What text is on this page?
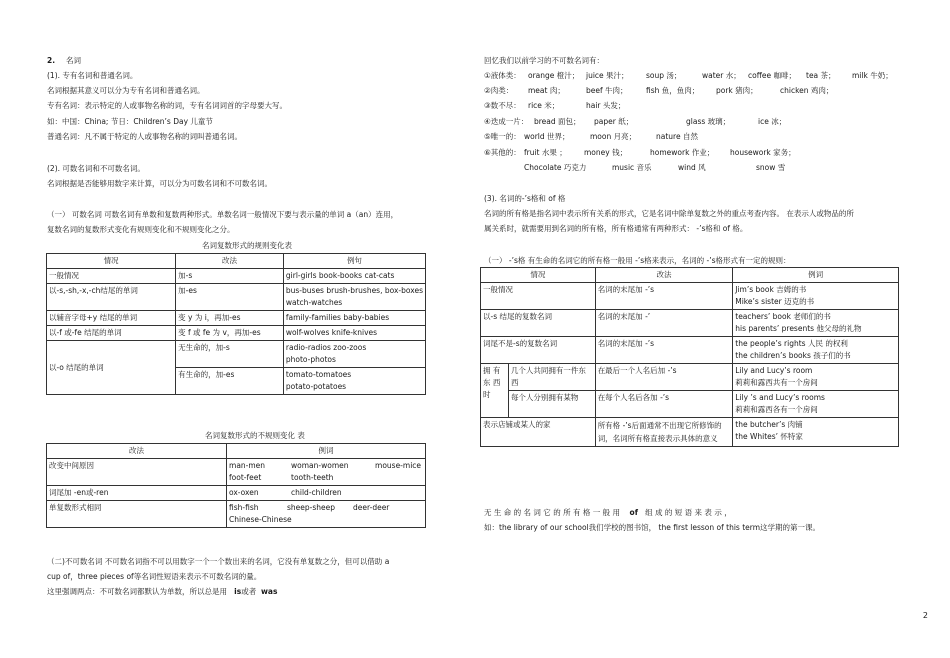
2. 名词
(1). 专有名词和普通名词。
名词根据其意义可以分为专有名词和普通名词。
专有名词：表示特定的人或事物名称的词，专有名词词首的字母要大写。
如：中国：China; 节日：Children’s Day 儿童节
普通名词：凡不属于特定的人或事物名称的词叫普通名词。
(2). 可数名词和不可数名词。
名词根据是否能够用数字来计算，可以分为可数名词和不可数名词。
（一） 可数名词 可数名词有单数和复数两种形式。单数名词一般情况下要与表示量的单词 a（an）连用，
复数名词的复数形式变化有规则变化和不规则变化之分。
名词复数形式的规则变化表
情况	改法	例句
一般情况	加-s	girl-girls book-books cat-cats
以-s,-sh,-x,-ch结尾的单词	加-es	bus-buses brush-brushes, box-boxes
watch-watches

以辅音字母+y 结尾的单词	变 y 为 i，再加-es	family-families baby-babies
以-f 或-fe 结尾的单词	变 f 或 fe 为 v，再加-es	wolf-wolves knife-knives
以-o 结尾的单词	无生命的，加-s	radio-radios zoo-zoos
photo-photos

	有生命的，加-es	tomato-tomatoes
potato-potatoes
名词复数形式的不规则变化 表
改法	例词
改变中间原因	man-men woman-women mouse-mice
foot-feet tooth-teeth

词尾加 -en或-ren	ox-oxen child-children
单复数形式相同	fish-fish sheep-sheep deer-deer
Chinese-Chinese
（二)不可数名词 不可数名词指不可以用数字一个一个数出来的名词，它没有单复数之分，但可以借助 a
cup of，three pieces of等名词性短语来表示不可数名词的量。
这里强调两点：不可数名词都默认为单数，所以总是用 is或者 was
回忆我们以前学习的不可数名词有：
①液体类： orange 橙汁； juice 果汁； soup 汤；	water 水； coffee 咖啡； tea 茶； milk 牛奶；
②肉类： meat 肉；	beef 牛肉； fish 鱼，鱼肉； pork 猪肉；	chicken 鸡肉；
③数不尽： rice 米；	hair 头发；
④迭成一片： bread 面包； paper 纸；	glass 玻璃；	ice 冰；
⑤唯一的： world 世界；	moon 月亮；	nature 自然
⑥其他的： fruit 水果 ； money 钱；	homework 作业； housework 家务；
Chocolate 巧克力	music 音乐	wind 风	snow 雪
(3). 名词的-’s格和 of 格
名词的所有格是指名词中表示所有关系的形式，它是名词中除单复数之外的重点考查内容。 在表示人或物品的所
属关系时，就需要用到名词的所有格，所有格通常有两种形式： -’s格和 of 格。
（一） -’s格 有生命的名词它的所有格一般用 -’s格来表示，名词的 -’s格形式有一定的规则：
情况		改法	例词
一般情况		名词的末尾加 -’s	Jim’s book 吉姆的书
Mike’s sister 迈克的书

以-s 结尾的复数名词		名词的末尾加 -’	teachers’ book 老师们的书
his parents’ presents 他父母的礼物

词尾不是-s的复数名词		名词的末尾加 -’s	the people’s rights 人民 的权利
the children’s books 孩子们的书

拥 有 东 西 时	几个人共同拥有一件东西	在最后一个人名后加 -’s	Lily and Lucy’s room
莉莉和露西共有一个房间

	每个人分别拥有某物	在每个人名后各加 -’s	Lily ’s and Lucy’s rooms
莉莉和露西各有一个房间

表示店铺或某人的家		所有格 -’s后面通常不出现它所修饰的词，名词所有格直接表示具体的意义	the butcher’s 肉铺
the Whites’ 怀特家
无 生 命 的 名 词 它 的 所 有 格 一 般 用 of 组 成 的 短 语 来 表 示 ，
如：the library of our school我们学校的图书馆， the first lesson of this term这学期的第一课。
2
